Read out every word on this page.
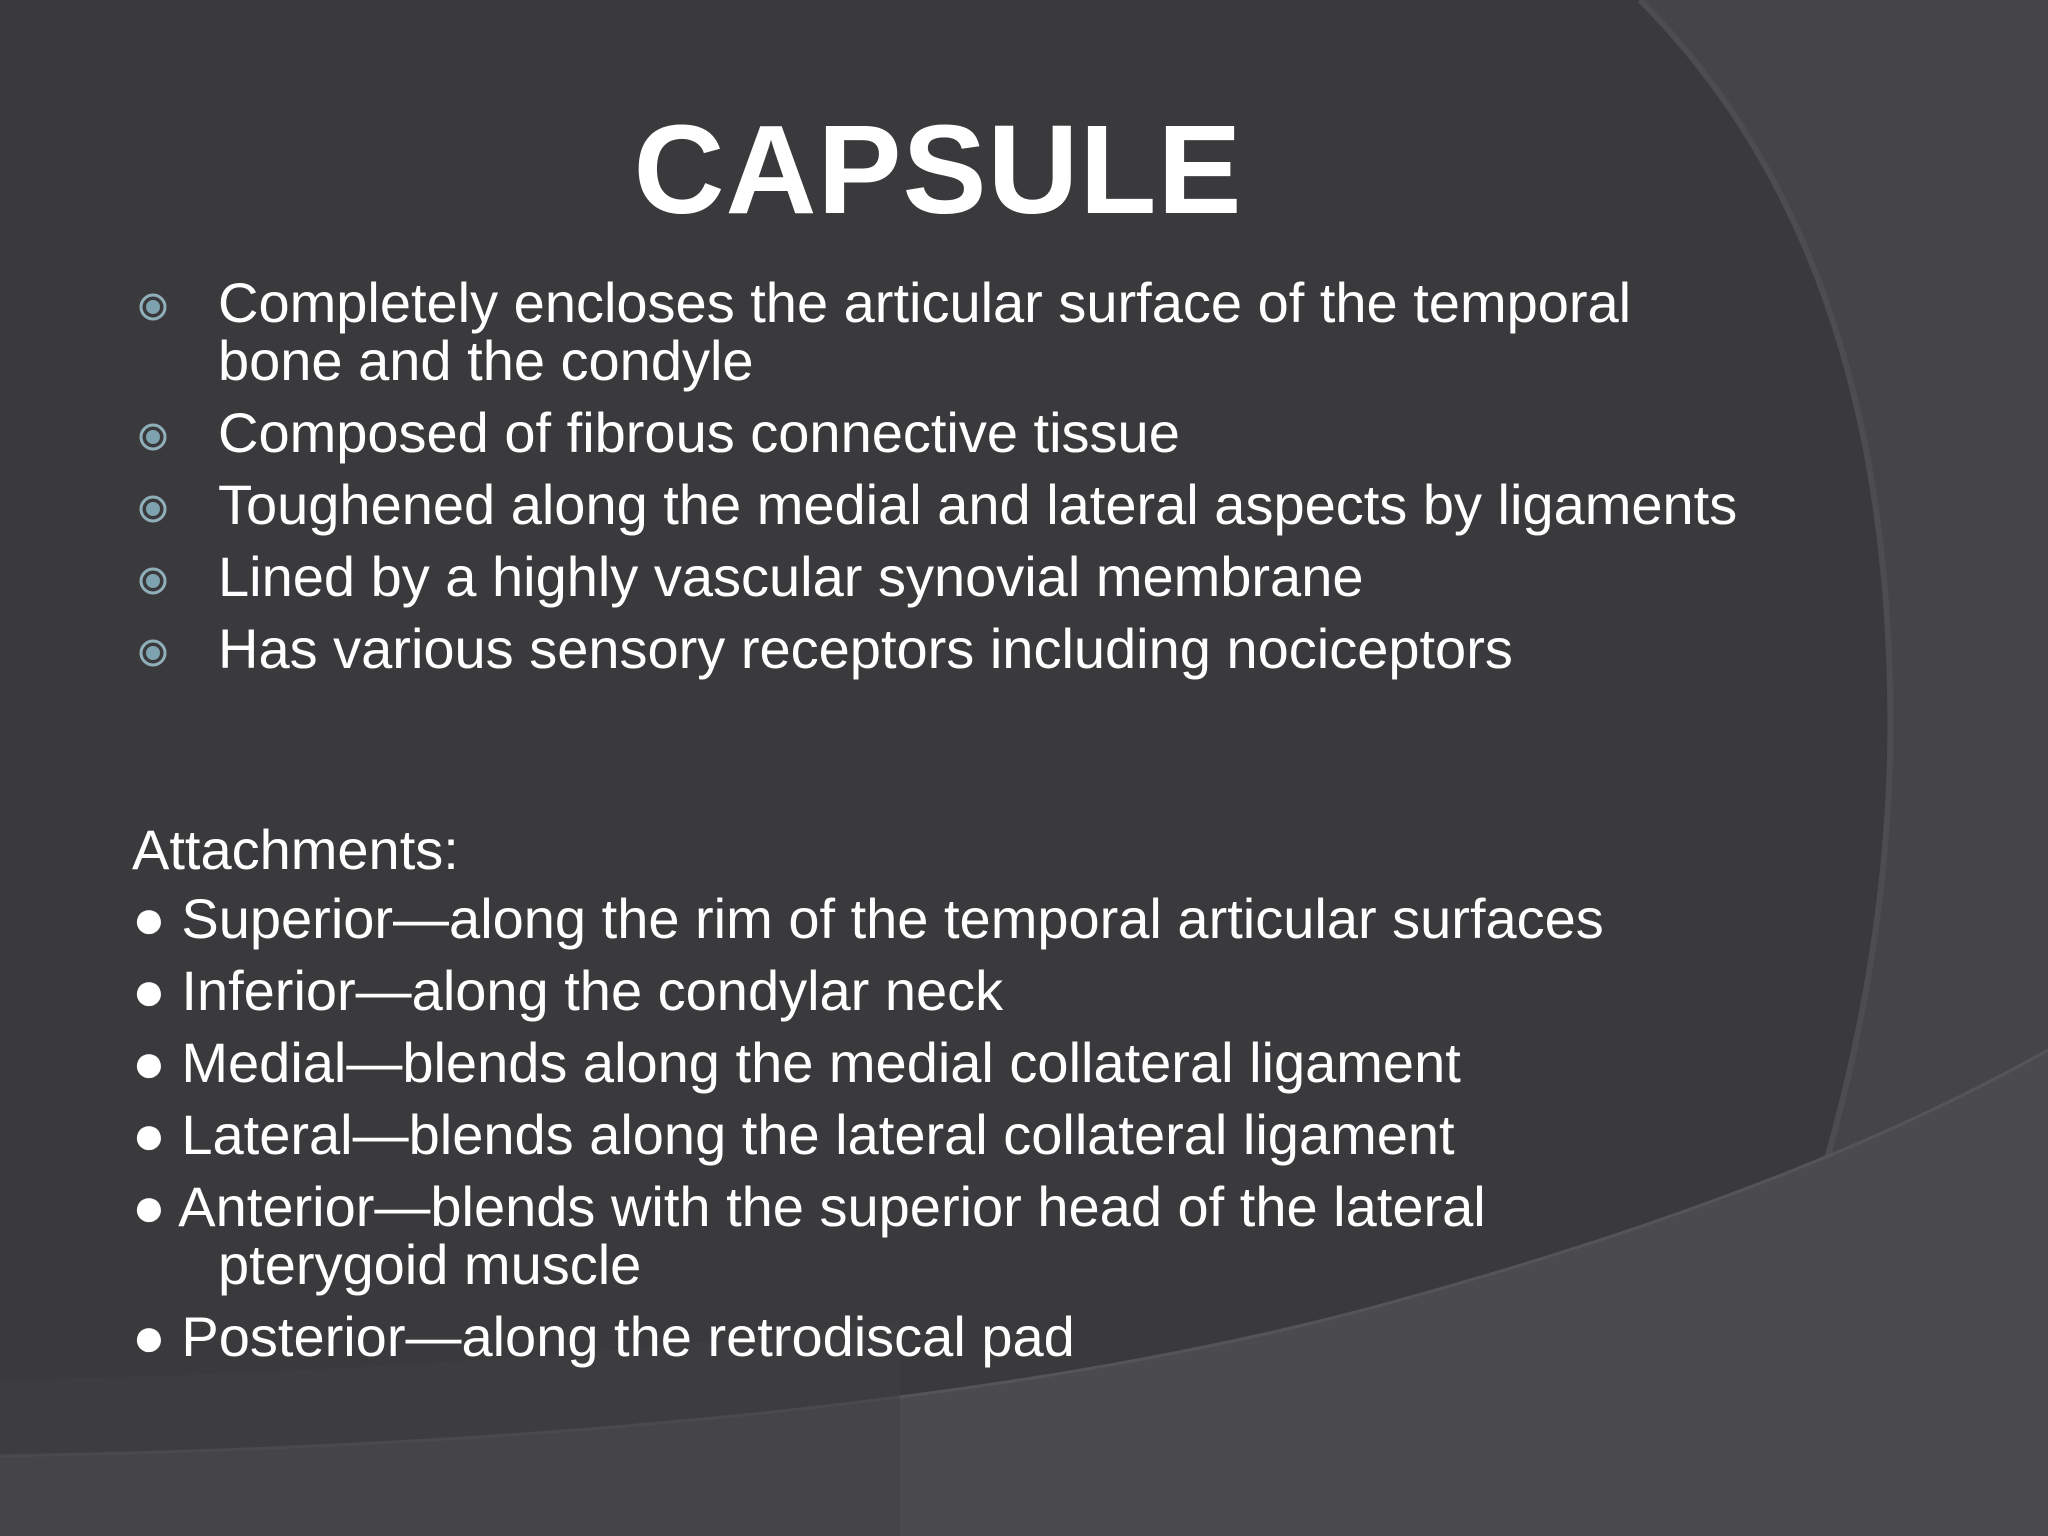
CAPSULE
Completely encloses the articular surface of the temporal bone and the condyle
Composed of fibrous connective tissue
Toughened along the medial and lateral aspects by ligaments
Lined by a highly vascular synovial membrane
Has various sensory receptors including nociceptors
Attachments:
● Superior—along the rim of the temporal articular surfaces
● Inferior—along the condylar neck
● Medial—blends along the medial collateral ligament
● Lateral—blends along the lateral collateral ligament
● Anterior—blends with the superior head of the lateral
pterygoid muscle
● Posterior—along the retrodiscal pad
